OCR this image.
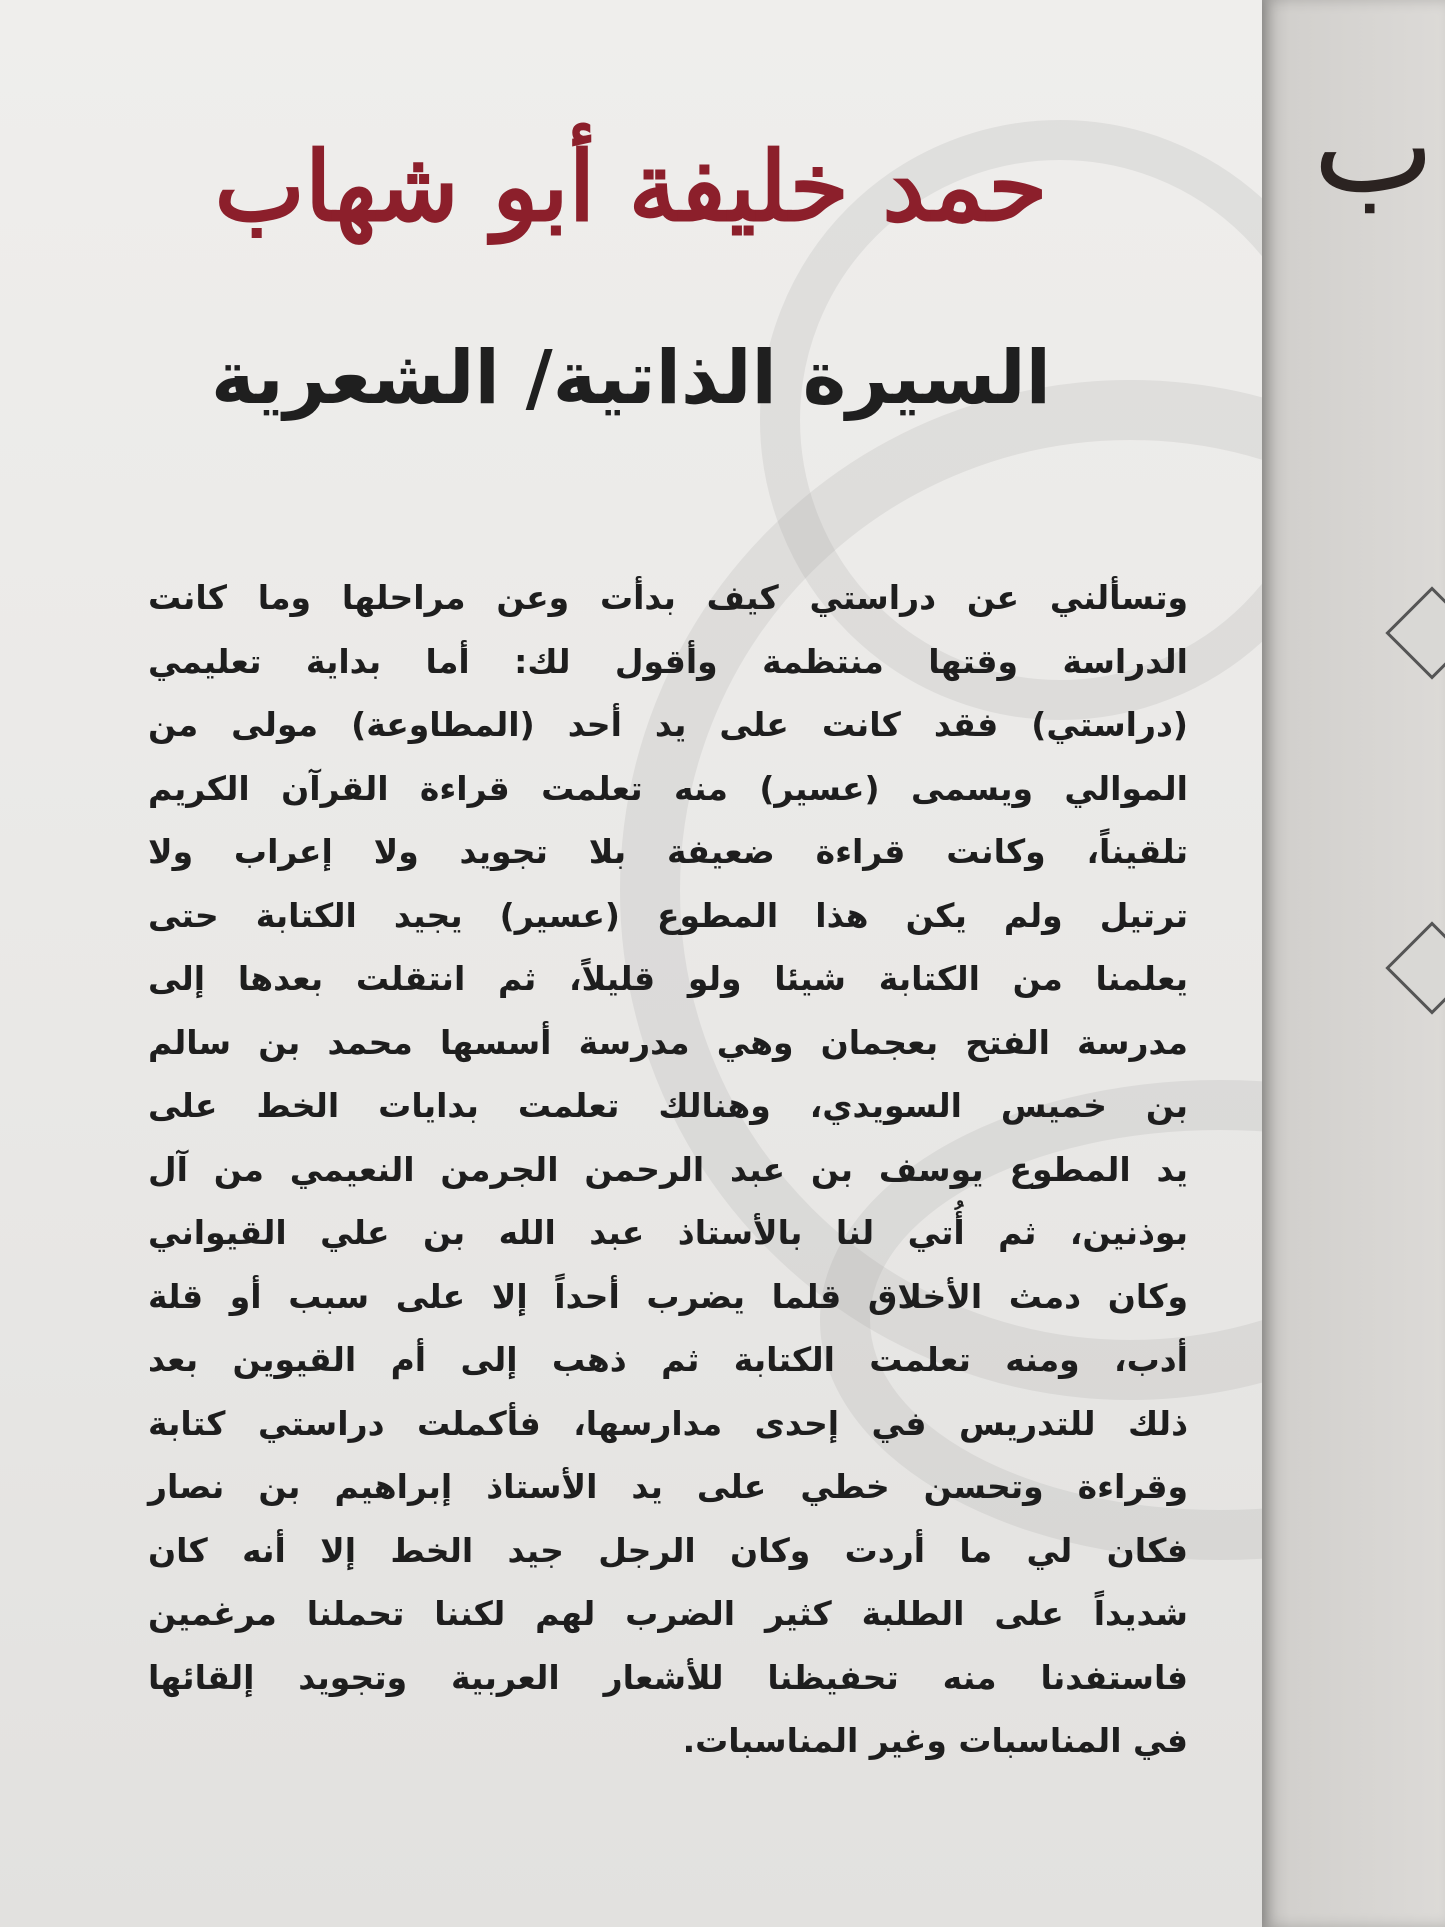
ب
حمد خليفة أبو شهاب
السيرة الذاتية/ الشعرية
وتسألني عن دراستي كيف بدأت وعن مراحلها وما كانت
الدراسة وقتها منتظمة وأقول لك: أما بداية تعليمي
(دراستي) فقد كانت على يد أحد (المطاوعة) مولى من
الموالي ويسمى (عسير) منه تعلمت قراءة القرآن الكريم
تلقيناً، وكانت قراءة ضعيفة بلا تجويد ولا إعراب ولا
ترتيل ولم يكن هذا المطوع (عسير) يجيد الكتابة حتى
يعلمنا من الكتابة شيئا ولو قليلاً، ثم انتقلت بعدها إلى
مدرسة الفتح بعجمان وهي مدرسة أسسها محمد بن سالم
بن خميس السويدي، وهنالك تعلمت بدايات الخط على
يد المطوع يوسف بن عبد الرحمن الجرمن النعيمي من آل
بوذنين، ثم أُتي لنا بالأستاذ عبد الله بن علي القيواني
وكان دمث الأخلاق قلما يضرب أحداً إلا على سبب أو قلة
أدب، ومنه تعلمت الكتابة ثم ذهب إلى أم القيوين بعد
ذلك للتدريس في إحدى مدارسها، فأكملت دراستي كتابة
وقراءة وتحسن خطي على يد الأستاذ إبراهيم بن نصار
فكان لي ما أردت وكان الرجل جيد الخط إلا أنه كان
شديداً على الطلبة كثير الضرب لهم لكننا تحملنا مرغمين
فاستفدنا منه تحفيظنا للأشعار العربية وتجويد إلقائها
في المناسبات وغير المناسبات.
